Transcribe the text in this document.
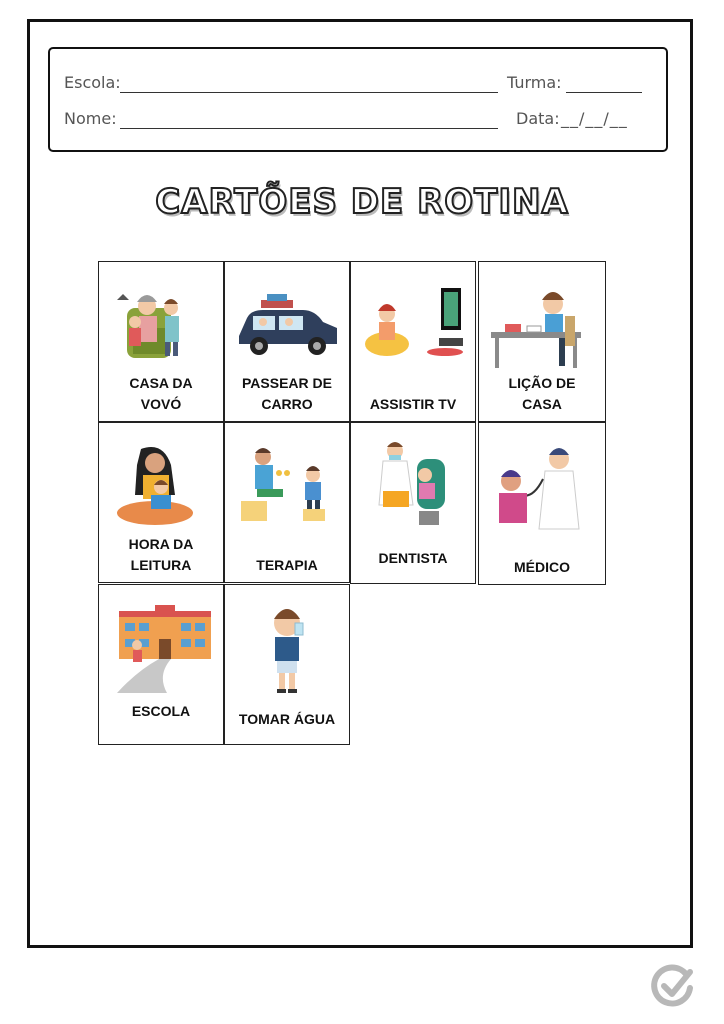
Escola:	Turma:
Nome:	Data: __/__/__
CARTÕES DE ROTINA
CASA DA
VOVÓ
PASSEAR DE
CARRO	ASSISTIR TV
LIÇÃO DE
CASA
HORA DA
LEITURA	TERAPIA	DENTISTA
MÉDICO
ESCOLA	TOMAR ÁGUA
